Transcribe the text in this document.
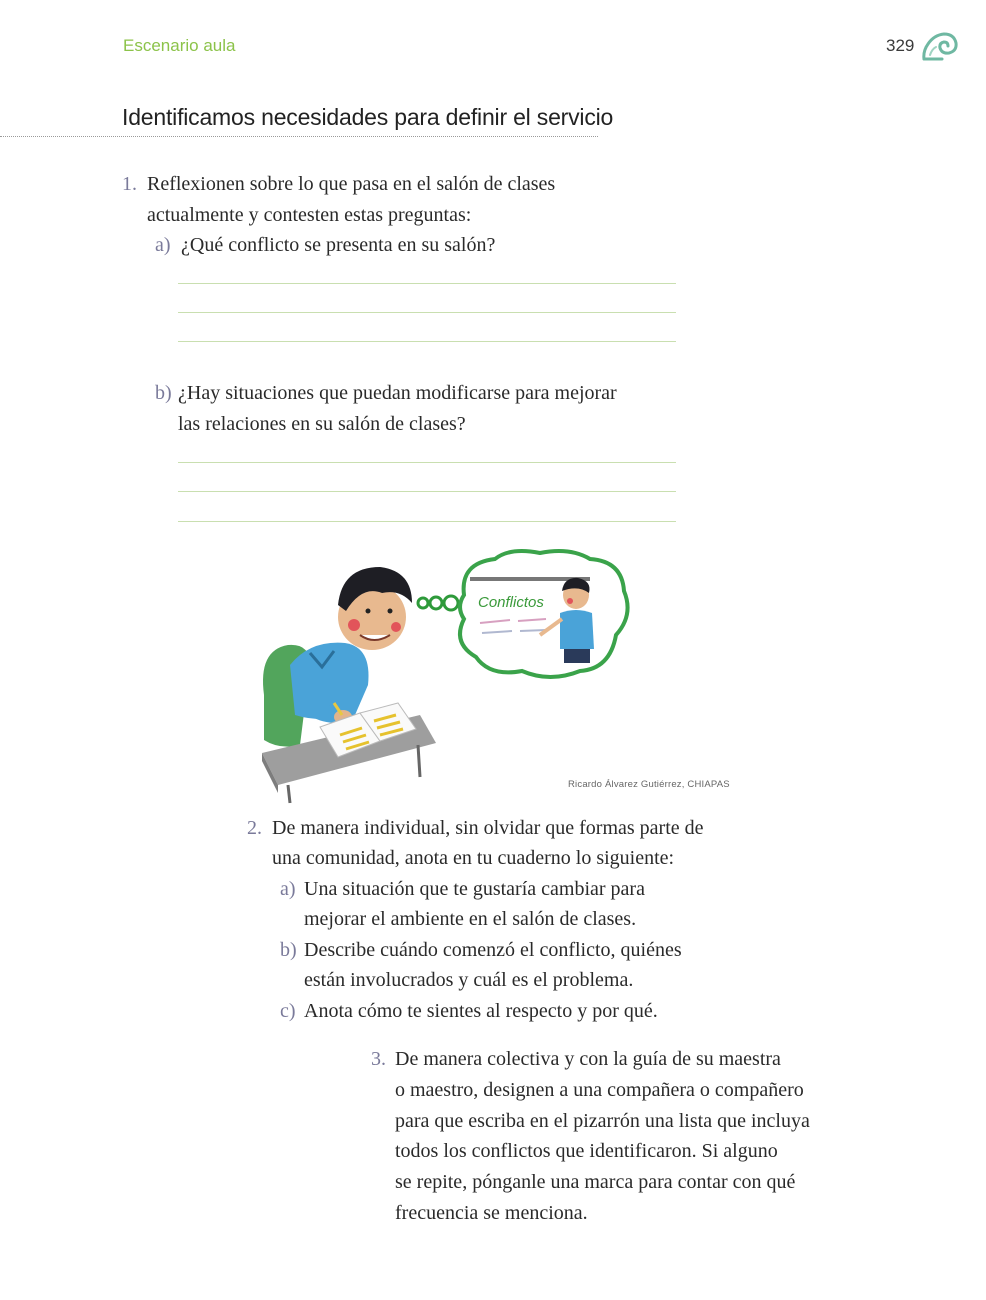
Escenario aula	329
Identificamos necesidades para definir el servicio
1. Reflexionen sobre lo que pasa en el salón de clases
actualmente y contesten estas preguntas:
a) ¿Qué conflicto se presenta en su salón?
b) ¿Hay situaciones que puedan modificarse para mejorar
las relaciones en su salón de clases?
Conflictos
Ricardo Álvarez Gutiérrez, CHIAPAS
2. De manera individual, sin olvidar que formas parte de
una comunidad, anota en tu cuaderno lo siguiente:
a) Una situación que te gustaría cambiar para
mejorar el ambiente en el salón de clases.
b) Describe cuándo comenzó el conflicto, quiénes
están involucrados y cuál es el problema.
c) Anota cómo te sientes al respecto y por qué.
3. De manera colectiva y con la guía de su maestra
o maestro, designen a una compañera o compañero
para que escriba en el pizarrón una lista que incluya
todos los conflictos que identificaron. Si alguno
se repite, pónganle una marca para contar con qué
frecuencia se menciona.
